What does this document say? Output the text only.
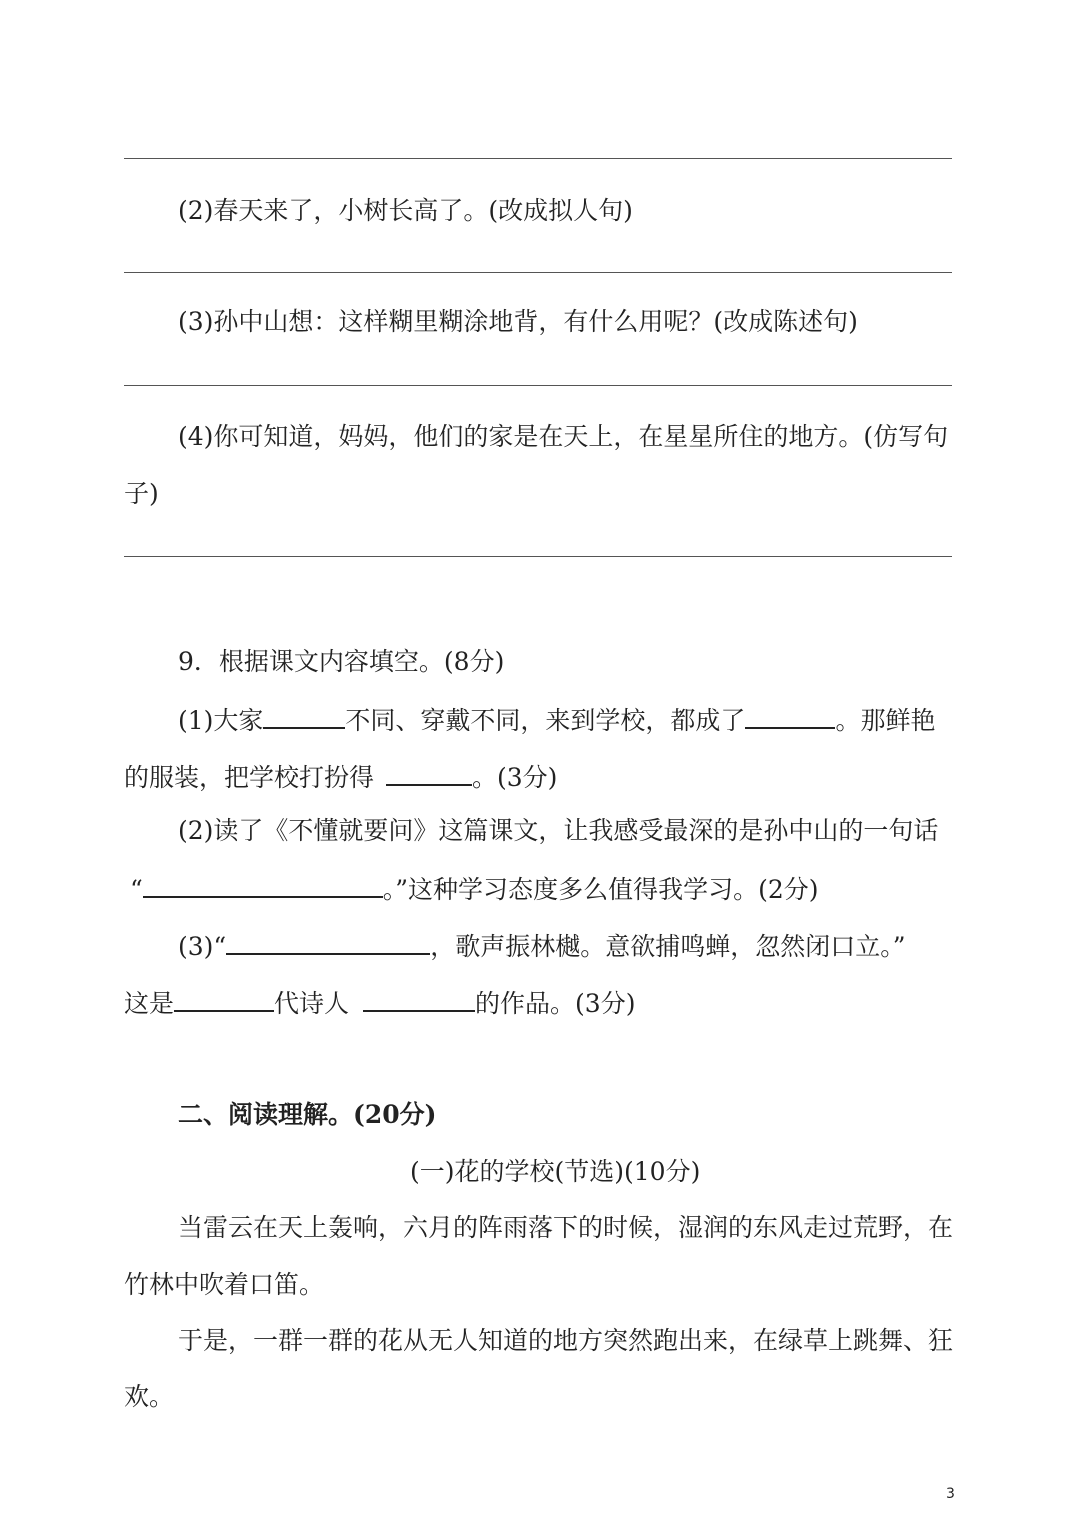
(2)春天来了，小树长高了。(改成拟人句)
(3)孙中山想：这样糊里糊涂地背，有什么用呢？(改成陈述句)
(4)你可知道，妈妈，他们的家是在天上，在星星所住的地方。(仿写句
子)
9．根据课文内容填空。(8分)
(1)大家	不同、穿戴不同，来到学校，都成了	。那鲜艳
的服装，把学校打扮得	。(3分)
(2)读了《不懂就要问》这篇课文，让我感受最深的是孙中山的一句话
“	。”这种学习态度多么值得我学习。(2分)
(3)“	，歌声振林樾。意欲捕鸣蝉，忽然闭口立。”
这是	代诗人	的作品。(3分)
二、阅读理解。(20分)
(一)花的学校(节选)(10分)
当雷云在天上轰响，六月的阵雨落下的时候，湿润的东风走过荒野，在
竹林中吹着口笛。
于是，一群一群的花从无人知道的地方突然跑出来，在绿草上跳舞、狂
欢。
3
